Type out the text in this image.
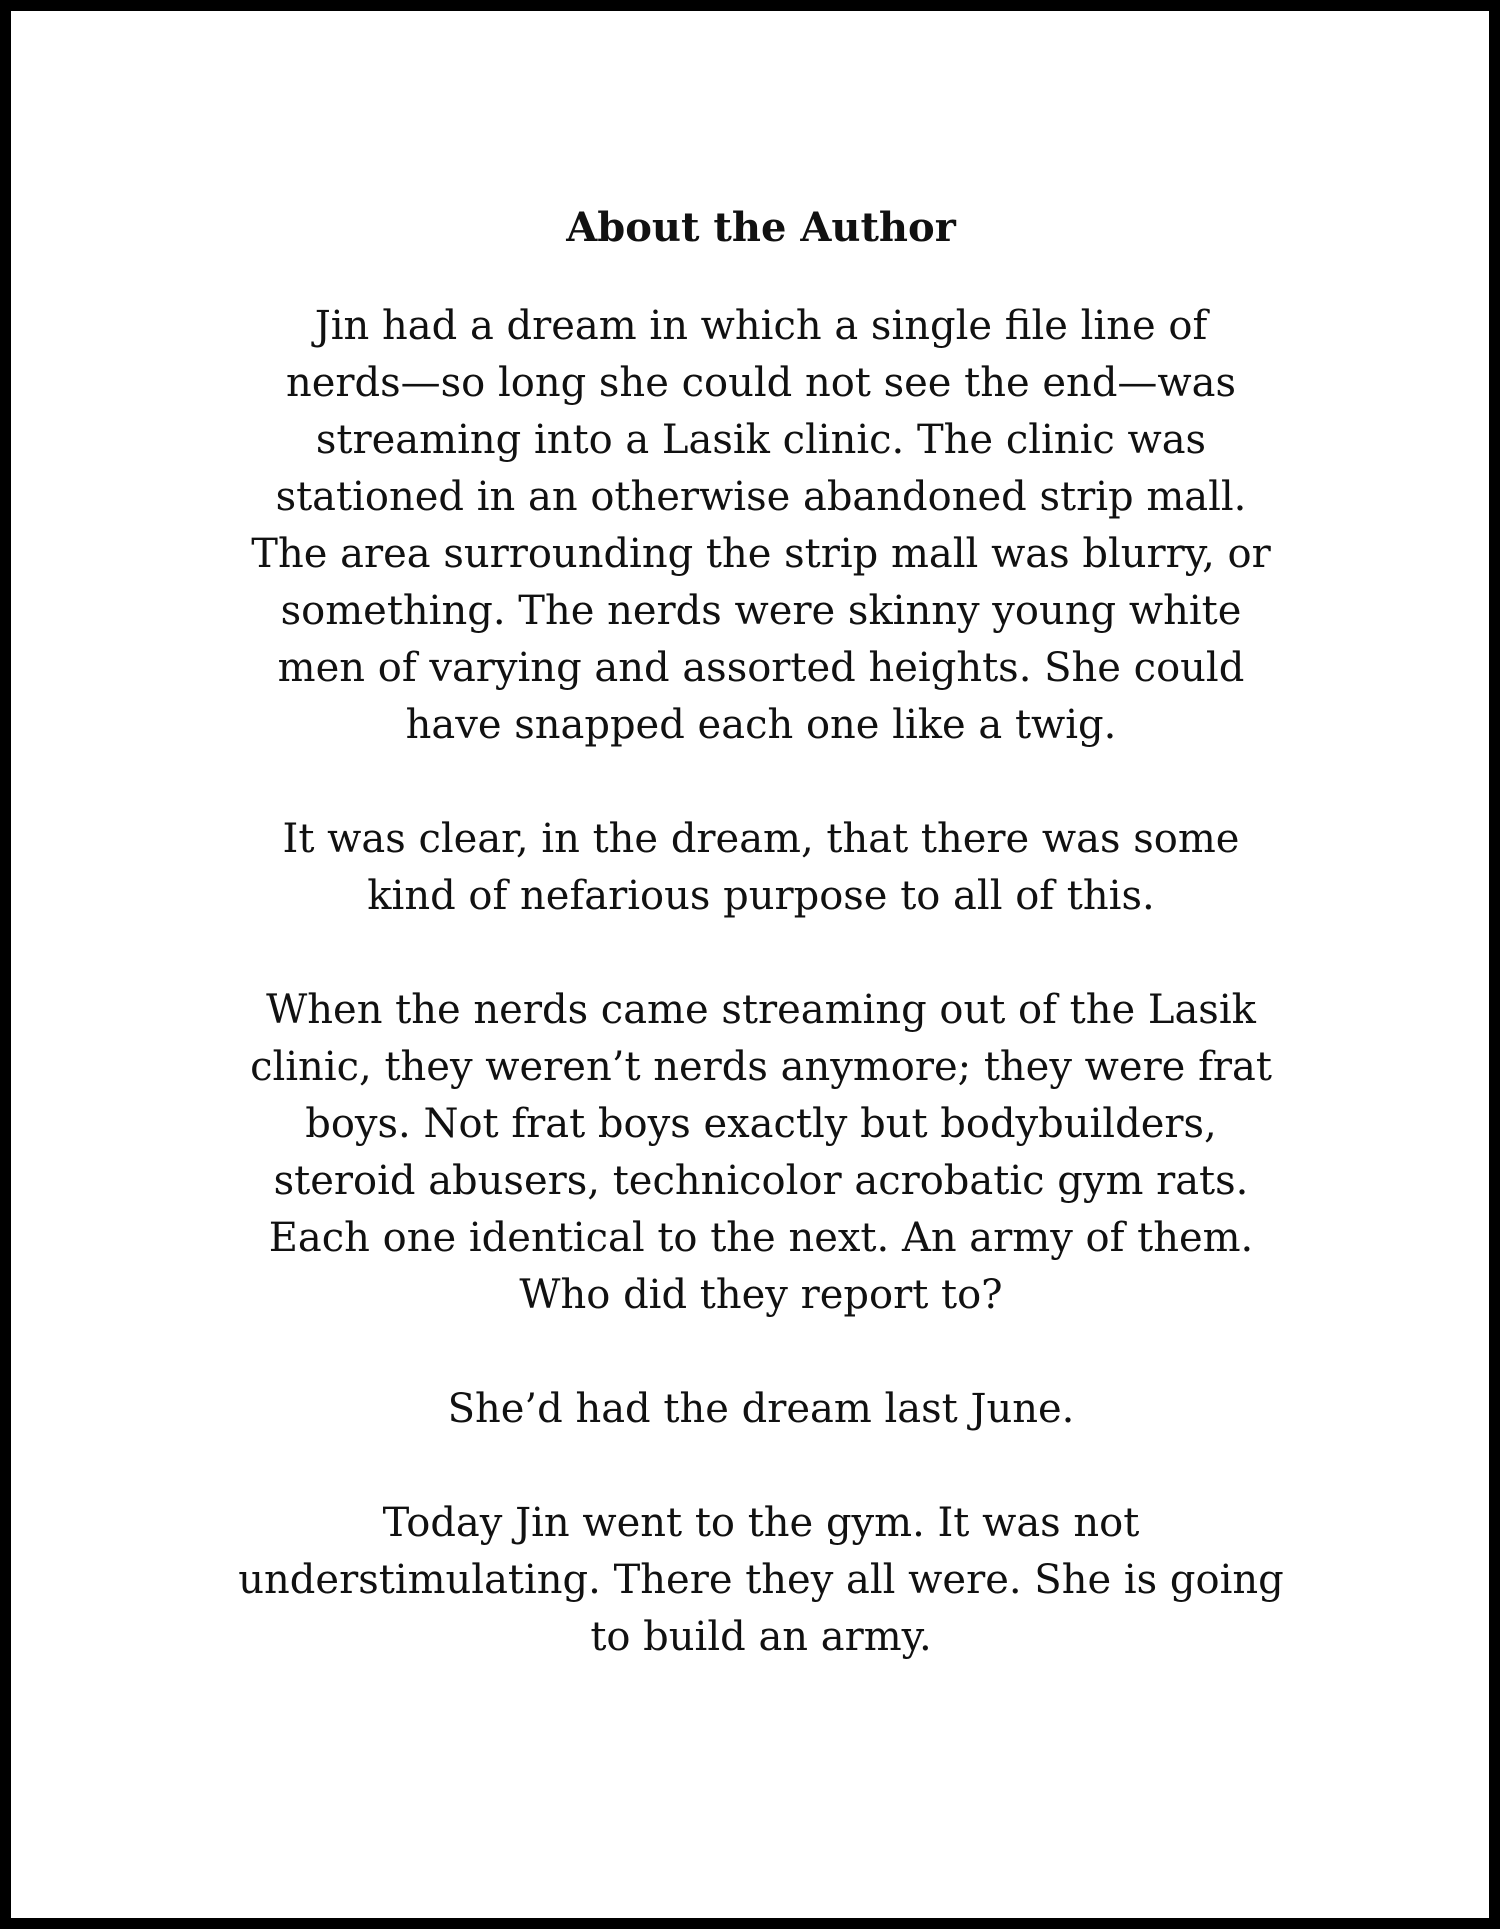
About the Author

Jin had a dream in which a single file line of
nerds—so long she could not see the end—was
streaming into a Lasik clinic. The clinic was
stationed in an otherwise abandoned strip mall.
The area surrounding the strip mall was blurry, or
something. The nerds were skinny young white
men of varying and assorted heights. She could
have snapped each one like a twig.

It was clear, in the dream, that there was some
kind of nefarious purpose to all of this.

When the nerds came streaming out of the Lasik
clinic, they weren’t nerds anymore; they were frat
boys. Not frat boys exactly but bodybuilders,
steroid abusers, technicolor acrobatic gym rats.
Each one identical to the next. An army of them.
Who did they report to?

She’d had the dream last June.

Today Jin went to the gym. It was not
understimulating. There they all were. She is going
to build an army.
